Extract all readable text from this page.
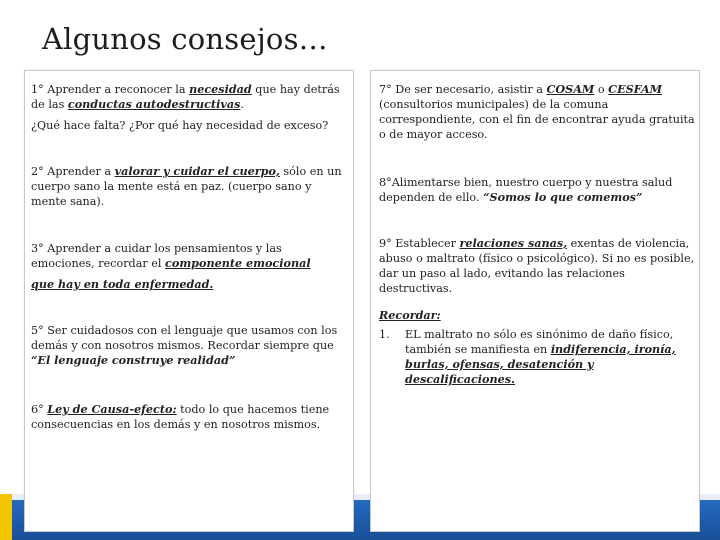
Algunos consejos…

1° Aprender a reconocer la necesidad que hay detrás de las conductas autodestructivas.

¿Qué hace falta? ¿Por qué hay necesidad de exceso?

2° Aprender a valorar y cuidar el cuerpo, sólo en un cuerpo sano la mente está en paz. (cuerpo sano y mente sana).

3° Aprender a cuidar los pensamientos y las emociones, recordar el componente emocional

que hay en toda enfermedad.

5° Ser cuidadosos con el lenguaje que usamos con los demás y con nosotros mismos. Recordar siempre que “El lenguaje construye realidad”

6° Ley de Causa-efecto: todo lo que hacemos tiene consecuencias en los demás y en nosotros mismos.

7° De ser necesario, asistir a COSAM o CESFAM (consultorios municipales) de la comuna correspondiente, con el fin de encontrar ayuda gratuita o de mayor acceso.

8°Alimentarse bien, nuestro cuerpo y nuestra salud dependen de ello. “Somos lo que comemos”

9° Establecer relaciones sanas, exentas de violencia, abuso o maltrato (físico o psicológico). Si no es posible, dar un paso al lado, evitando las relaciones destructivas.

Recordar:

1.	EL maltrato no sólo es sinónimo de daño físico, también se manifiesta en indiferencia, ironía, burlas, ofensas, desatención y descalificaciones.
